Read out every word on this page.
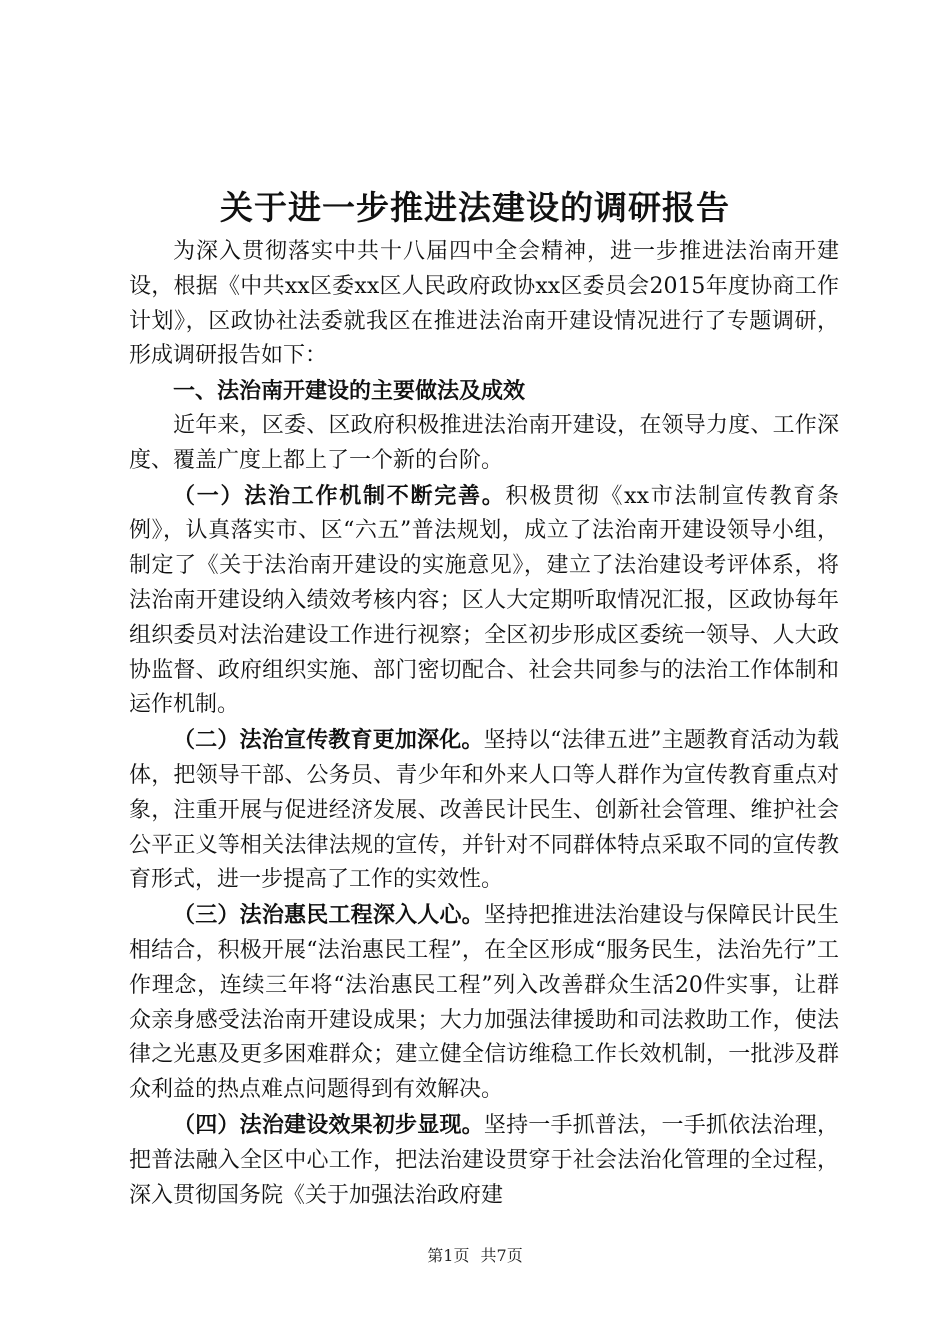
关于进一步推进法建设的调研报告

为深入贯彻落实中共十八届四中全会精神，进一步推进法治南开建设，根据《中共xx区委xx区人民政府政协xx区委员会2015年度协商工作计划》，区政协社法委就我区在推进法治南开建设情况进行了专题调研，形成调研报告如下：

一、法治南开建设的主要做法及成效

近年来，区委、区政府积极推进法治南开建设，在领导力度、工作深度、覆盖广度上都上了一个新的台阶。

（一）法治工作机制不断完善。积极贯彻《xx市法制宣传教育条例》，认真落实市、区“六五”普法规划，成立了法治南开建设领导小组，制定了《关于法治南开建设的实施意见》，建立了法治建设考评体系，将法治南开建设纳入绩效考核内容；区人大定期听取情况汇报，区政协每年组织委员对法治建设工作进行视察；全区初步形成区委统一领导、人大政协监督、政府组织实施、部门密切配合、社会共同参与的法治工作体制和运作机制。

（二）法治宣传教育更加深化。坚持以“法律五进”主题教育活动为载体，把领导干部、公务员、青少年和外来人口等人群作为宣传教育重点对象，注重开展与促进经济发展、改善民计民生、创新社会管理、维护社会公平正义等相关法律法规的宣传，并针对不同群体特点采取不同的宣传教育形式，进一步提高了工作的实效性。

（三）法治惠民工程深入人心。坚持把推进法治建设与保障民计民生相结合，积极开展“法治惠民工程”，在全区形成“服务民生，法治先行”工作理念，连续三年将“法治惠民工程”列入改善群众生活20件实事，让群众亲身感受法治南开建设成果；大力加强法律援助和司法救助工作，使法律之光惠及更多困难群众；建立健全信访维稳工作长效机制，一批涉及群众利益的热点难点问题得到有效解决。

（四）法治建设效果初步显现。坚持一手抓普法，一手抓依法治理，把普法融入全区中心工作，把法治建设贯穿于社会法治化管理的全过程，深入贯彻国务院《关于加强法治政府建

第1页 共7页
